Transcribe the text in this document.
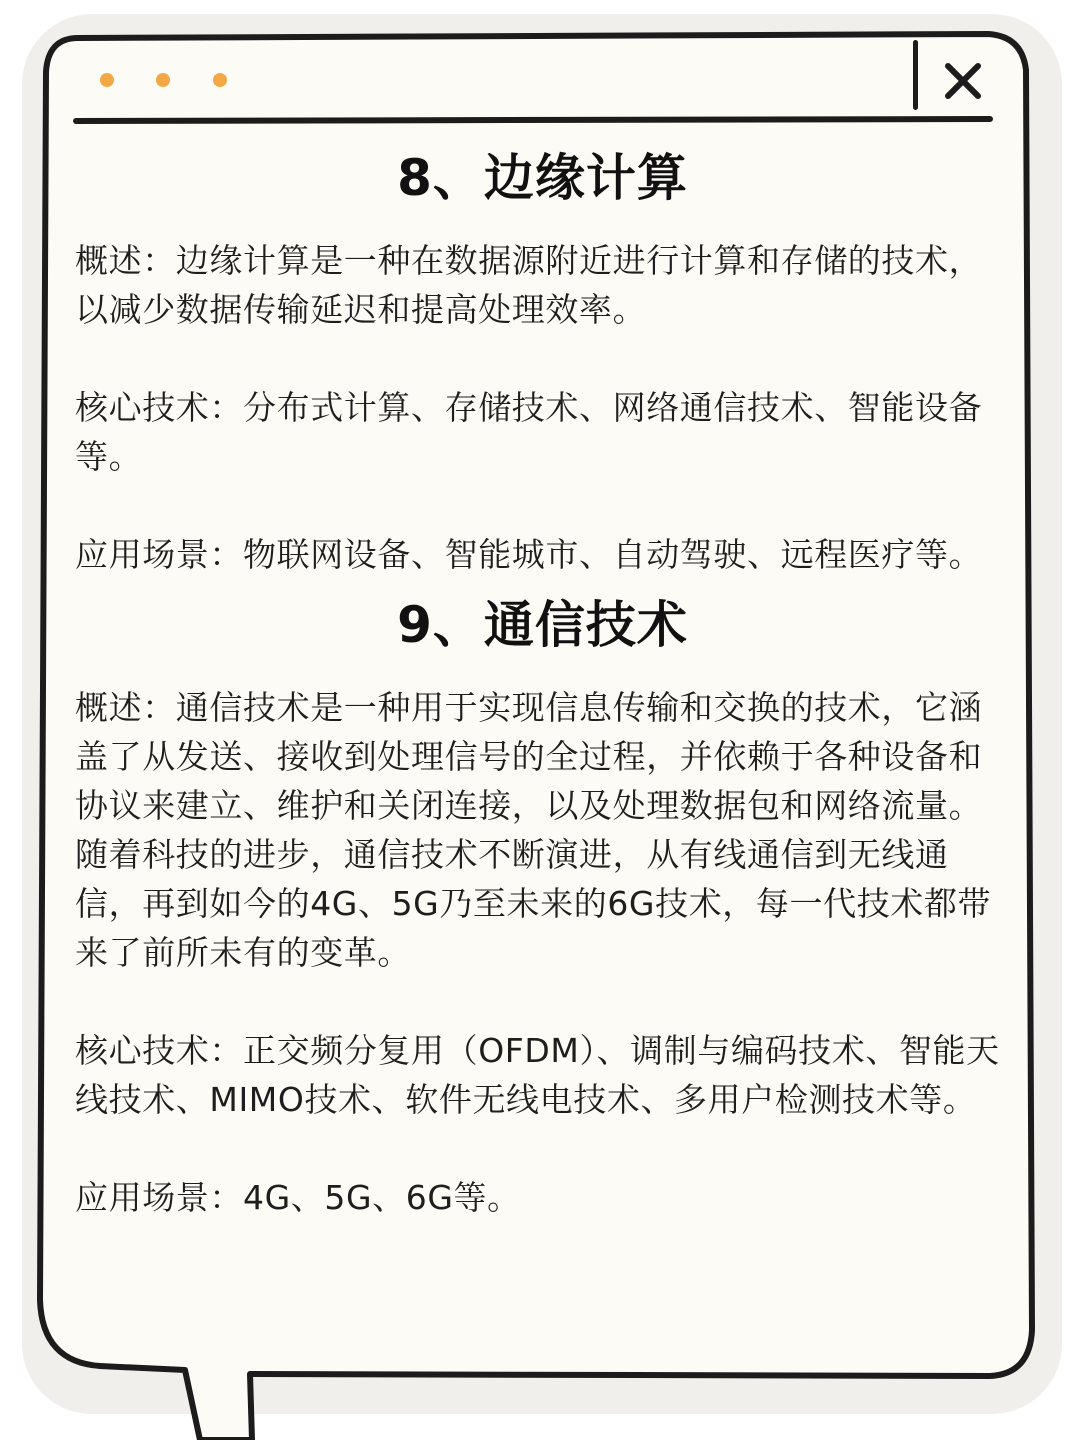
8、边缘计算

概述：边缘计算是一种在数据源附近进行计算和存储的技术，以减少数据传输延迟和提高处理效率。

核心技术：分布式计算、存储技术、网络通信技术、智能设备等。

应用场景：物联网设备、智能城市、自动驾驶、远程医疗等。

9、通信技术

概述：通信技术是一种用于实现信息传输和交换的技术，它涵盖了从发送、接收到处理信号的全过程，并依赖于各种设备和协议来建立、维护和关闭连接，以及处理数据包和网络流量。随着科技的进步，通信技术不断演进，从有线通信到无线通信，再到如今的4G、5G乃至未来的6G技术，每一代技术都带来了前所未有的变革。

核心技术：正交频分复用（OFDM）、调制与编码技术、智能天线技术、MIMO技术、软件无线电技术、多用户检测技术等。

应用场景：4G、5G、6G等。
